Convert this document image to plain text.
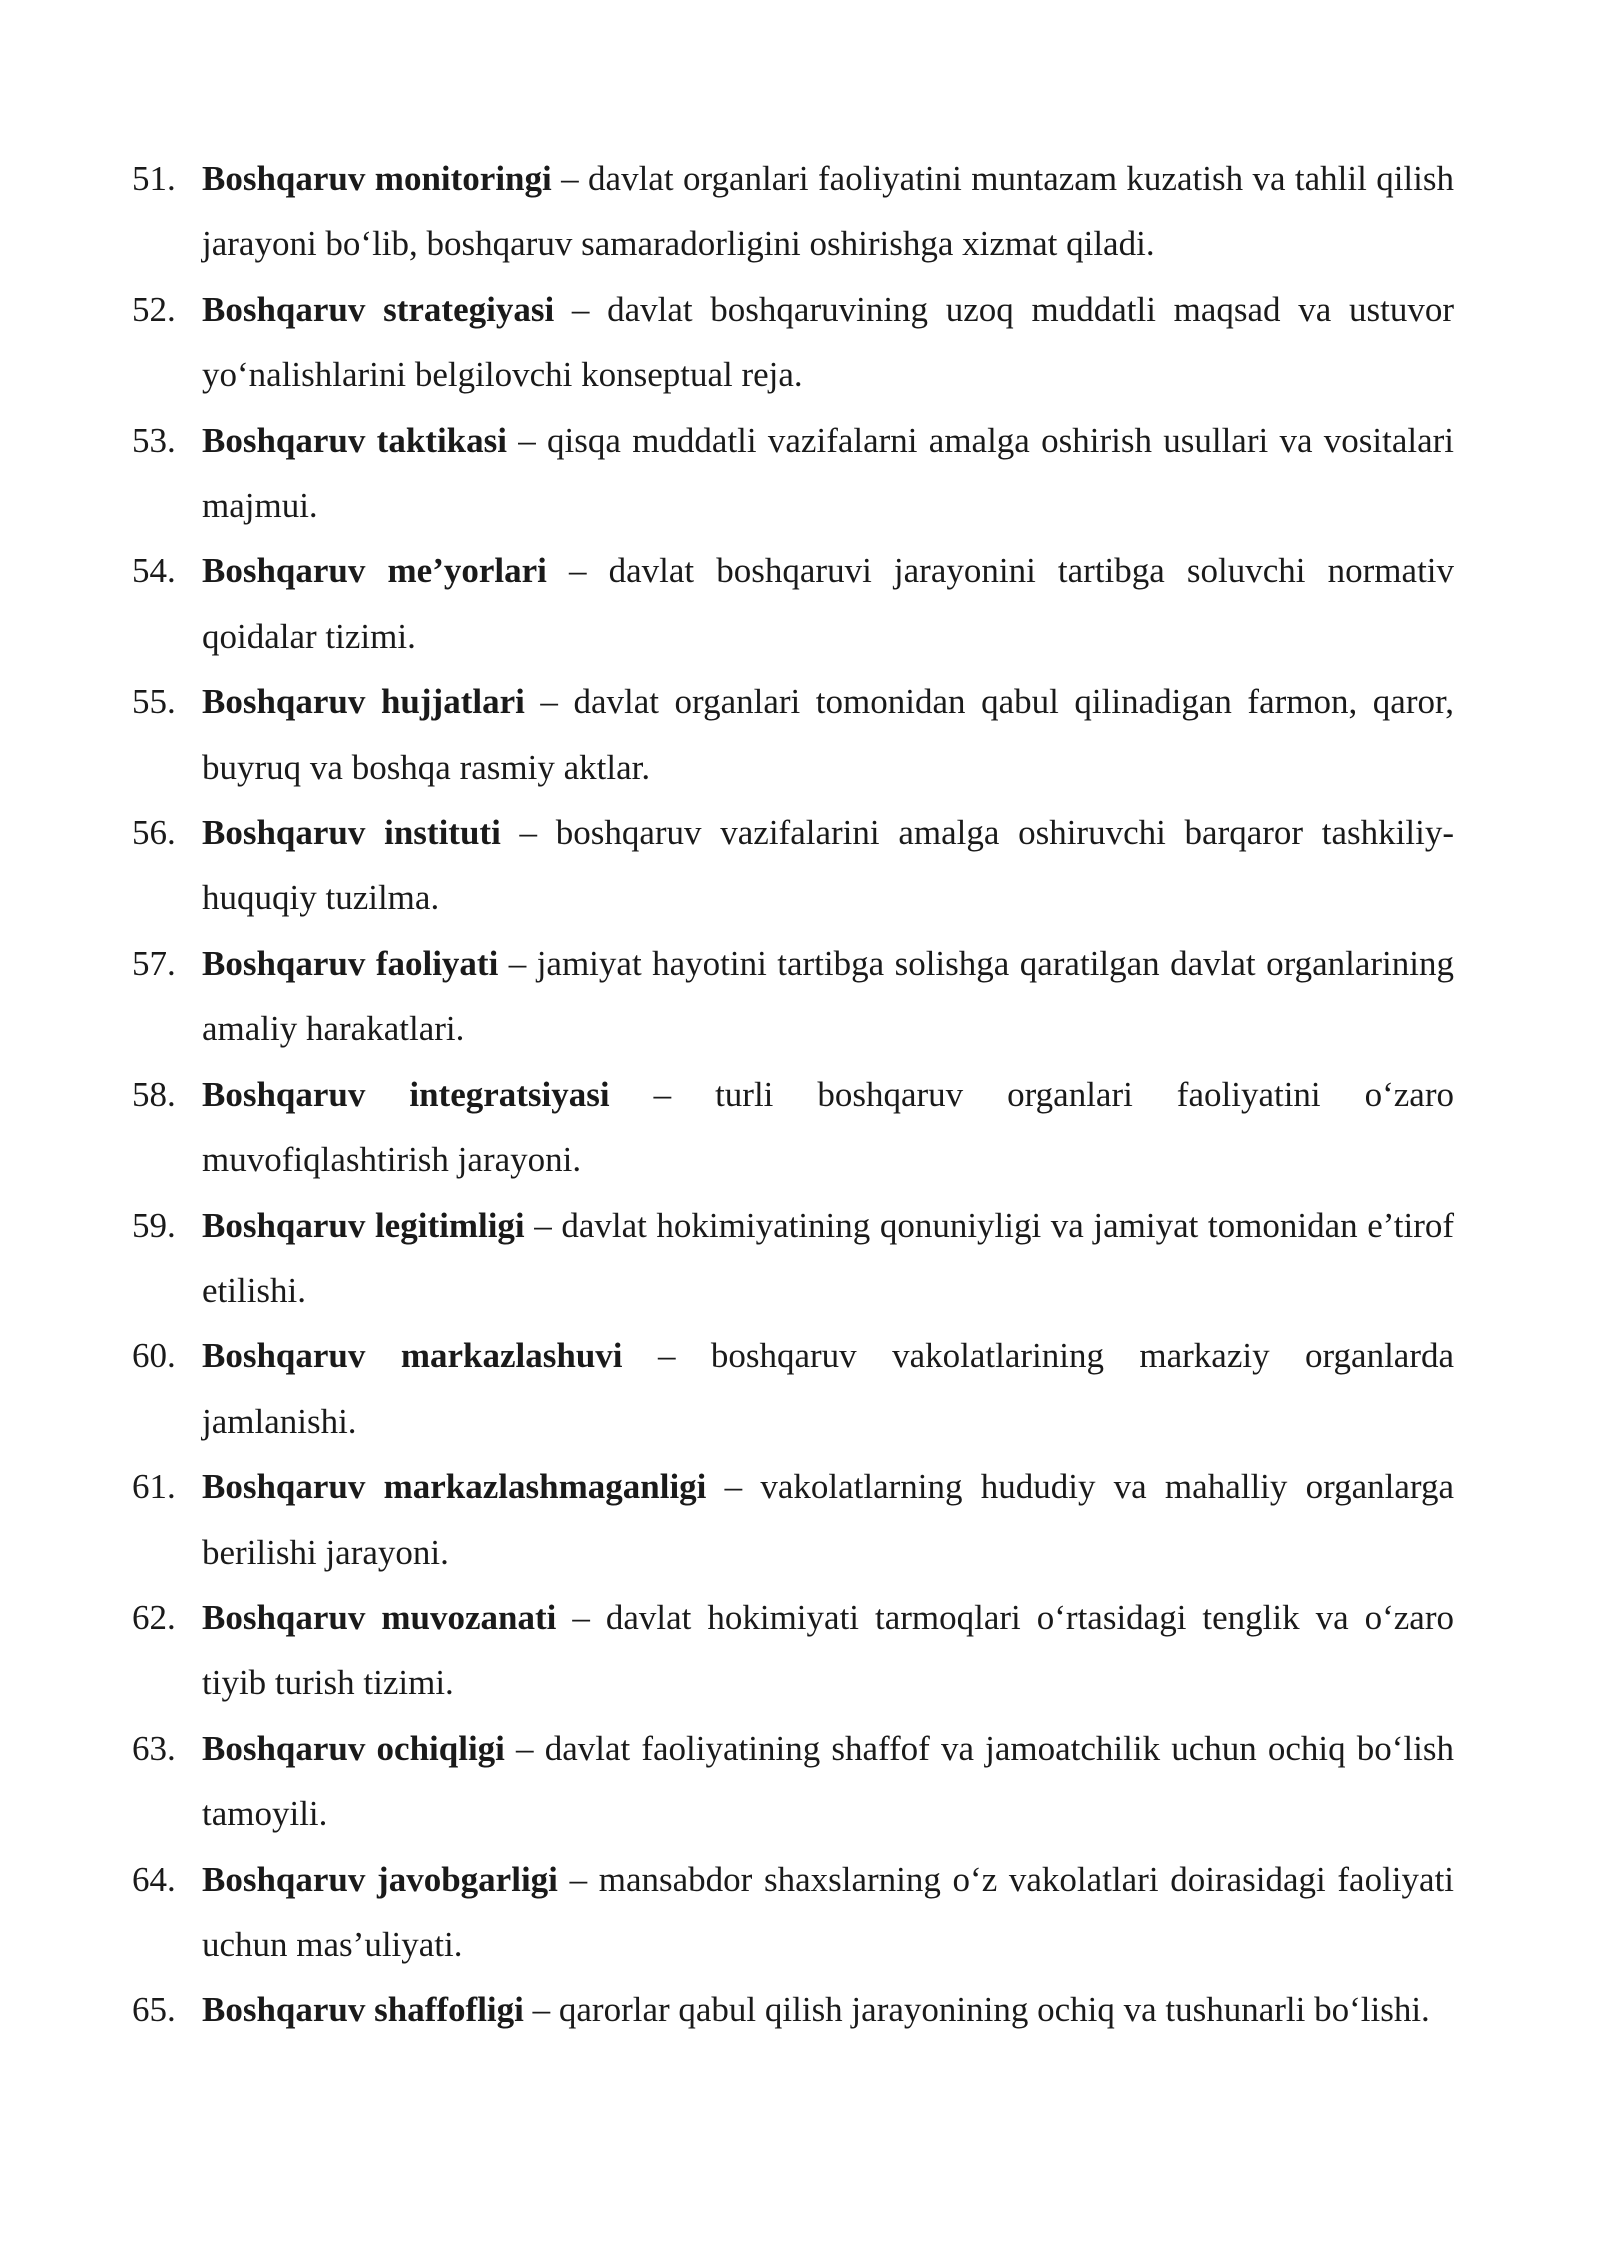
51. Boshqaruv monitoringi – davlat organlari faoliyatini muntazam kuzatish va tahlil qilish jarayoni bo‘lib, boshqaruv samaradorligini oshirishga xizmat qiladi.
52. Boshqaruv strategiyasi – davlat boshqaruvining uzoq muddatli maqsad va ustuvor yo‘nalishlarini belgilovchi konseptual reja.
53. Boshqaruv taktikasi – qisqa muddatli vazifalarni amalga oshirish usullari va vositalari majmui.
54. Boshqaruv me’yorlari – davlat boshqaruvi jarayonini tartibga soluvchi normativ qoidalar tizimi.
55. Boshqaruv hujjatlari – davlat organlari tomonidan qabul qilinadigan farmon, qaror, buyruq va boshqa rasmiy aktlar.
56. Boshqaruv instituti – boshqaruv vazifalarini amalga oshiruvchi barqaror tashkiliy-huquqiy tuzilma.
57. Boshqaruv faoliyati – jamiyat hayotini tartibga solishga qaratilgan davlat organlarining amaliy harakatlari.
58. Boshqaruv integratsiyasi – turli boshqaruv organlari faoliyatini o‘zaro muvofiqlashtirish jarayoni.
59. Boshqaruv legitimligi – davlat hokimiyatining qonuniyligi va jamiyat tomonidan e’tirof etilishi.
60. Boshqaruv markazlashuvi – boshqaruv vakolatlarining markaziy organlarda jamlanishi.
61. Boshqaruv markazlashmaganligi – vakolatlarning hududiy va mahalliy organlarga berilishi jarayoni.
62. Boshqaruv muvozanati – davlat hokimiyati tarmoqlari o‘rtasidagi tenglik va o‘zaro tiyib turish tizimi.
63. Boshqaruv ochiqligi – davlat faoliyatining shaffof va jamoatchilik uchun ochiq bo‘lish tamoyili.
64. Boshqaruv javobgarligi – mansabdor shaxslarning o‘z vakolatlari doirasidagi faoliyati uchun mas’uliyati.
65. Boshqaruv shaffofligi – qarorlar qabul qilish jarayonining ochiq va tushunarli bo‘lishi.
